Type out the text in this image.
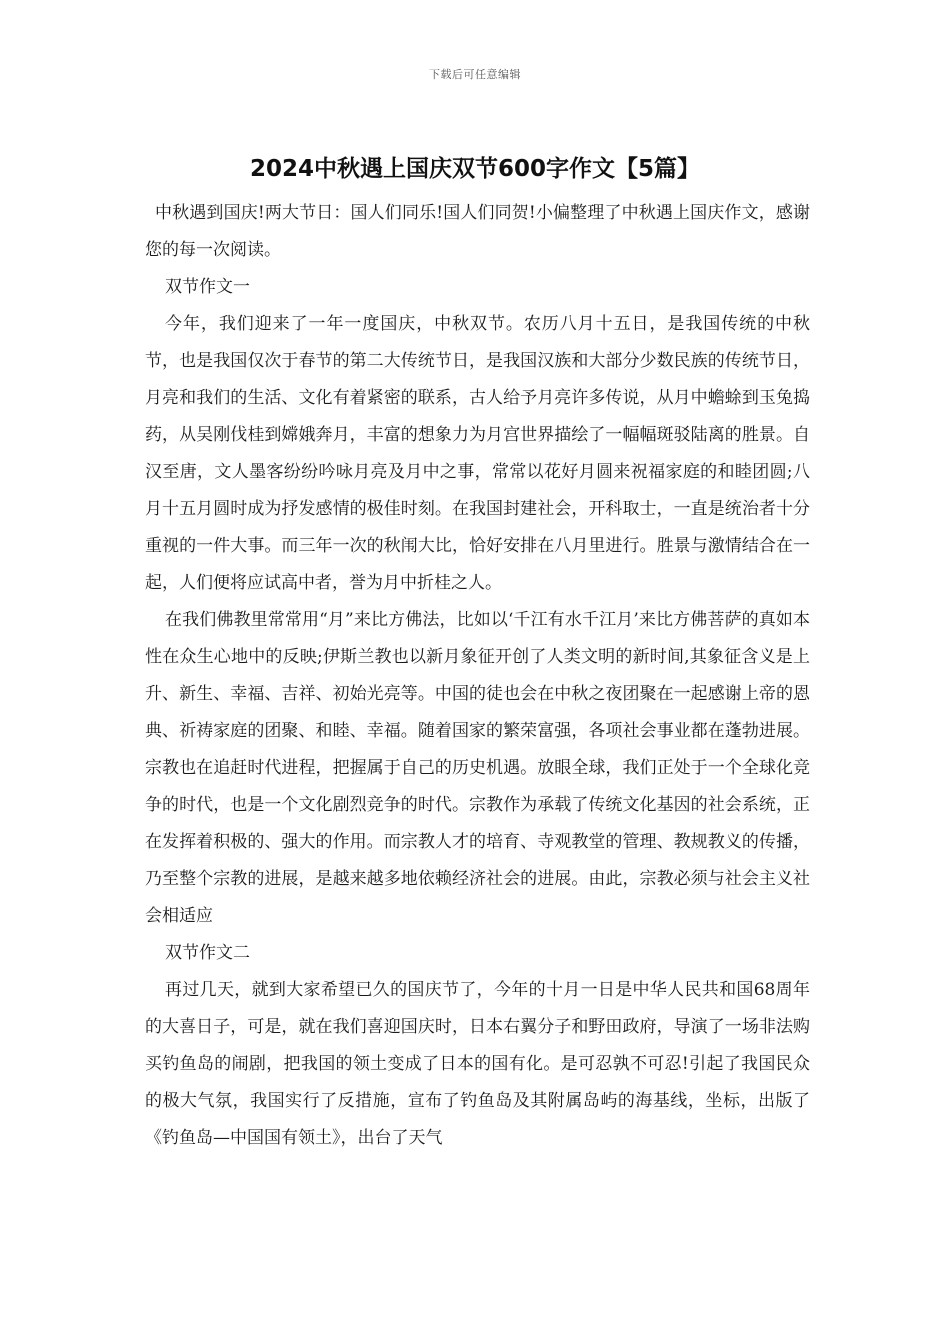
下载后可任意编辑
2024中秋遇上国庆双节600字作文【5篇】

中秋遇到国庆!两大节日：国人们同乐!国人们同贺!小偏整理了中秋遇上国庆作文，感谢您的每一次阅读。

双节作文一

今年，我们迎来了一年一度国庆，中秋双节。农历八月十五日，是我国传统的中秋节，也是我国仅次于春节的第二大传统节日，是我国汉族和大部分少数民族的传统节日，月亮和我们的生活、文化有着紧密的联系，古人给予月亮许多传说，从月中蟾蜍到玉兔捣药，从吴刚伐桂到嫦娥奔月，丰富的想象力为月宫世界描绘了一幅幅斑驳陆离的胜景。自汉至唐，文人墨客纷纷吟咏月亮及月中之事，常常以花好月圆来祝福家庭的和睦团圆;八月十五月圆时成为抒发感情的极佳时刻。在我国封建社会，开科取士，一直是统治者十分重视的一件大事。而三年一次的秋闱大比，恰好安排在八月里进行。胜景与激情结合在一起，人们便将应试高中者，誉为月中折桂之人。

在我们佛教里常常用“月”来比方佛法，比如以‘千江有水千江月’来比方佛菩萨的真如本性在众生心地中的反映;伊斯兰教也以新月象征开创了人类文明的新时间,其象征含义是上升、新生、幸福、吉祥、初始光亮等。中国的徒也会在中秋之夜团聚在一起感谢上帝的恩典、祈祷家庭的团聚、和睦、幸福。随着国家的繁荣富强，各项社会事业都在蓬勃进展。宗教也在追赶时代进程，把握属于自己的历史机遇。放眼全球，我们正处于一个全球化竞争的时代，也是一个文化剧烈竞争的时代。宗教作为承载了传统文化基因的社会系统，正在发挥着积极的、强大的作用。而宗教人才的培育、寺观教堂的管理、教规教义的传播，乃至整个宗教的进展，是越来越多地依赖经济社会的进展。由此，宗教必须与社会主义社会相适应

双节作文二

再过几天，就到大家希望已久的国庆节了，今年的十月一日是中华人民共和国68周年的大喜日子，可是，就在我们喜迎国庆时，日本右翼分子和野田政府，导演了一场非法购买钓鱼岛的闹剧，把我国的领土变成了日本的国有化。是可忍孰不可忍!引起了我国民众的极大气氛，我国实行了反措施，宣布了钓鱼岛及其附属岛屿的海基线，坐标，出版了《钓鱼岛—中国国有领土》，出台了天气
